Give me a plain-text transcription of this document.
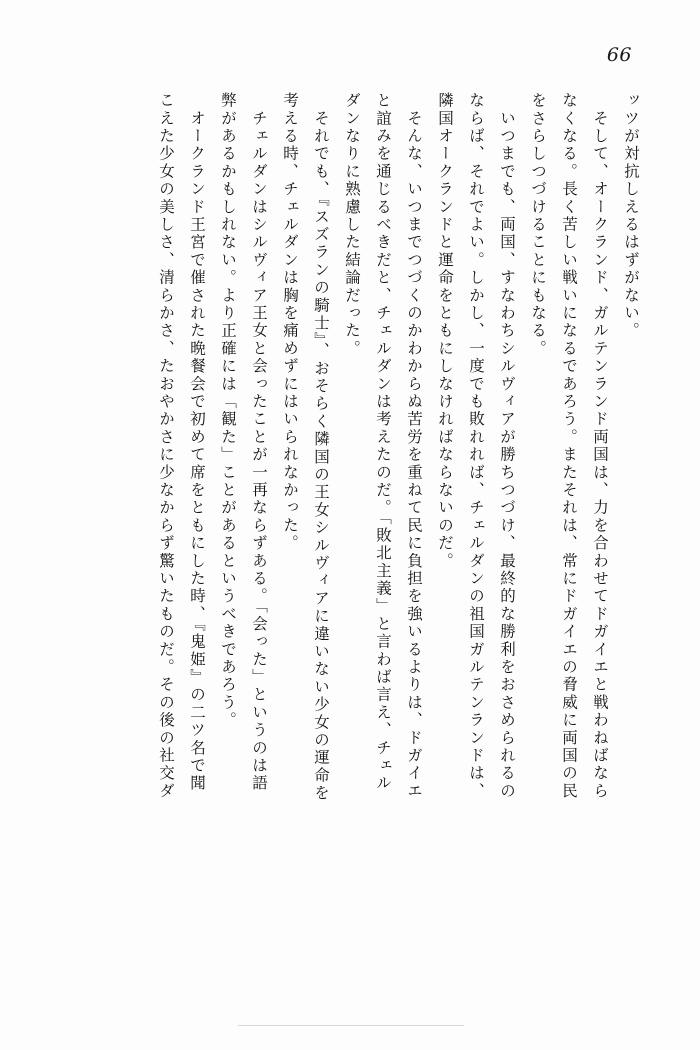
66
ッツが対抗しえるはずがない。
　そして、オークランド、ガルテンランド両国は、力を合わせてドガイエと戦わねばなら
なくなる。長く苦しい戦いになるであろう。またそれは、常にドガイエの脅威に両国の民
をさらしつづけることにもなる。
　いつまでも、両国、すなわちシルヴィアが勝ちつづけ、最終的な勝利をおさめられるの
ならば、それでよい。しかし、一度でも敗れれば、チェルダンの祖国ガルテンランドは、
隣国オークランドと運命をともにしなければならないのだ。
　そんな、いつまでつづくのかわからぬ苦労を重ねて民に負担を強いるよりは、ドガイエ
と誼みを通じるべきだと、チェルダンは考えたのだ。「敗北主義」と言わば言え、チェル
ダンなりに熟慮した結論だった。
　それでも、『スズランの騎士』、おそらく隣国の王女シルヴィアに違いない少女の運命を
考える時、チェルダンは胸を痛めずにはいられなかった。
　チェルダンはシルヴィア王女と会ったことが一再ならずある。「会った」というのは語
弊があるかもしれない。より正確には「観た」ことがあるというべきであろう。
　オークランド王宮で催された晩餐会で初めて席をともにした時、『鬼姫』の二ツ名で聞
こえた少女の美しさ、清らかさ、たおやかさに少なからず驚いたものだ。その後の社交ダ
